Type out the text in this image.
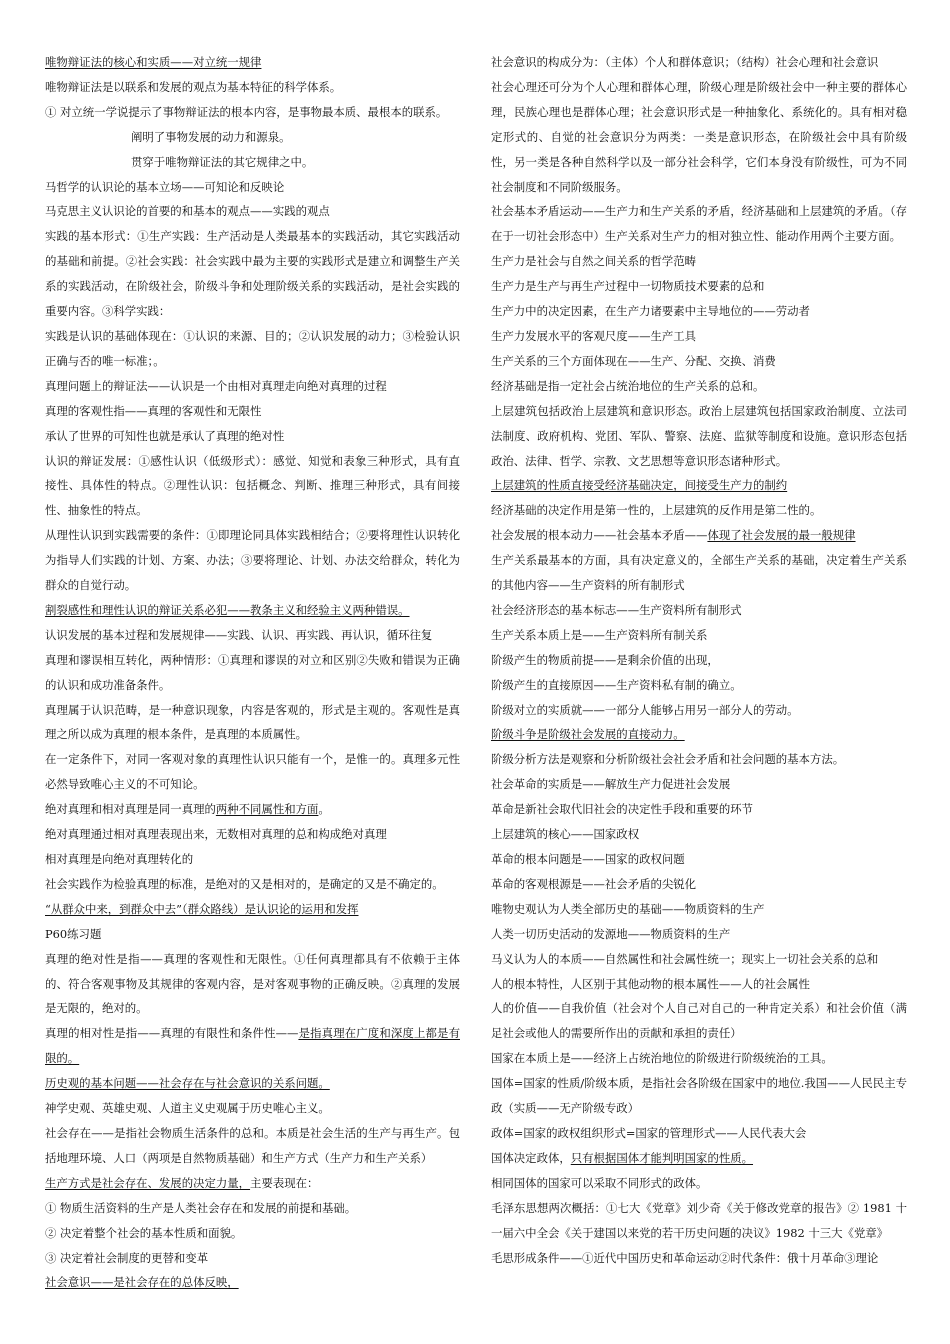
唯物辩证法的核心和实质——对立统一规律

唯物辩证法是以联系和发展的观点为基本特征的科学体系。

① 对立统一学说提示了事物辩证法的根本内容，是事物最本质、最根本的联系。

阐明了事物发展的动力和源泉。

贯穿于唯物辩证法的其它规律之中。

马哲学的认识论的基本立场——可知论和反映论

马克思主义认识论的首要的和基本的观点——实践的观点

实践的基本形式：①生产实践：生产活动是人类最基本的实践活动，其它实践活动的基础和前提。②社会实践：社会实践中最为主要的实践形式是建立和调整生产关系的实践活动，在阶级社会，阶级斗争和处理阶级关系的实践活动，是社会实践的重要内容。③科学实践：

实践是认识的基础体现在：①认识的来源、目的；②认识发展的动力；③检验认识正确与否的唯一标准；。

真理问题上的辩证法——认识是一个由相对真理走向绝对真理的过程

真理的客观性指——真理的客观性和无限性

承认了世界的可知性也就是承认了真理的绝对性

认识的辩证发展：①感性认识（低级形式）：感觉、知觉和表象三种形式，具有直接性、具体性的特点。②理性认识：包括概念、判断、推理三种形式，具有间接性、抽象性的特点。

从理性认识到实践需要的条件：①即理论同具体实践相结合；②要将理性认识转化为指导人们实践的计划、方案、办法；③要将理论、计划、办法交给群众，转化为群众的自觉行动。

割裂感性和理性认识的辩证关系必犯——教条主义和经验主义两种错误。

认识发展的基本过程和发展规律——实践、认识、再实践、再认识，循环往复

真理和谬误相互转化，两种情形：①真理和谬误的对立和区别②失败和错误为正确的认识和成功准备条件。

真理属于认识范畴，是一种意识现象，内容是客观的，形式是主观的。客观性是真理之所以成为真理的根本条件，是真理的本质属性。

在一定条件下，对同一客观对象的真理性认识只能有一个，是惟一的。真理多元性必然导致唯心主义的不可知论。

绝对真理和相对真理是同一真理的两种不同属性和方面。

绝对真理通过相对真理表现出来，无数相对真理的总和构成绝对真理

相对真理是向绝对真理转化的

社会实践作为检验真理的标准，是绝对的又是相对的，是确定的又是不确定的。

“从群众中来，到群众中去”（群众路线）是认识论的运用和发挥

P60练习题

真理的绝对性是指——真理的客观性和无限性。①任何真理都具有不依赖于主体的、符合客观事物及其规律的客观内容，是对客观事物的正确反映。②真理的发展是无限的，绝对的。

真理的相对性是指——真理的有限性和条件性——是指真理在广度和深度上都是有限的。

历史观的基本问题——社会存在与社会意识的关系问题。

神学史观、英雄史观、人道主义史观属于历史唯心主义。

社会存在——是指社会物质生活条件的总和。本质是社会生活的生产与再生产。包括地理环境、人口（两项是自然物质基础）和生产方式（生产力和生产关系）

生产方式是社会存在、发展的决定力量，主要表现在：

① 物质生活资料的生产是人类社会存在和发展的前提和基础。

② 决定着整个社会的基本性质和面貌。

③ 决定着社会制度的更替和变革

社会意识——是社会存在的总体反映，

社会意识的构成分为：（主体）个人和群体意识；（结构）社会心理和社会意识

社会心理还可分为个人心理和群体心理，阶级心理是阶级社会中一种主要的群体心理，民族心理也是群体心理；社会意识形式是一种抽象化、系统化的。具有相对稳定形式的、自觉的社会意识分为两类：一类是意识形态，在阶级社会中具有阶级性，另一类是各种自然科学以及一部分社会科学，它们本身没有阶级性，可为不同社会制度和不同阶级服务。

社会基本矛盾运动——生产力和生产关系的矛盾，经济基础和上层建筑的矛盾。（存在于一切社会形态中）生产关系对生产力的相对独立性、能动作用两个主要方面。

生产力是社会与自然之间关系的哲学范畴

生产力是生产与再生产过程中一切物质技术要素的总和

生产力中的决定因素，在生产力诸要素中主导地位的——劳动者

生产力发展水平的客观尺度——生产工具

生产关系的三个方面体现在——生产、分配、交换、消费

经济基础是指一定社会占统治地位的生产关系的总和。

上层建筑包括政治上层建筑和意识形态。政治上层建筑包括国家政治制度、立法司法制度、政府机构、党团、军队、警察、法庭、监狱等制度和设施。意识形态包括政治、法律、哲学、宗教、文艺思想等意识形态诸种形式。

上层建筑的性质直接受经济基础决定，间接受生产力的制约

经济基础的决定作用是第一性的，上层建筑的反作用是第二性的。

社会发展的根本动力——社会基本矛盾——体现了社会发展的最一般规律

生产关系最基本的方面，具有决定意义的，全部生产关系的基础，决定着生产关系的其他内容——生产资料的所有制形式

社会经济形态的基本标志——生产资料所有制形式

生产关系本质上是——生产资料所有制关系

阶级产生的物质前提——是剩余价值的出现，

阶级产生的直接原因——生产资料私有制的确立。

阶级对立的实质就——一部分人能够占用另一部分人的劳动。

阶级斗争是阶级社会发展的直接动力。

阶级分析方法是观察和分析阶级社会社会矛盾和社会问题的基本方法。

社会革命的实质是——解放生产力促进社会发展

革命是新社会取代旧社会的决定性手段和重要的环节

上层建筑的核心——国家政权

革命的根本问题是——国家的政权问题

革命的客观根源是——社会矛盾的尖锐化

唯物史观认为人类全部历史的基础——物质资料的生产

人类一切历史活动的发源地——物质资料的生产

马义认为人的本质——自然属性和社会属性统一；现实上一切社会关系的总和

人的根本特性，人区别于其他动物的根本属性——人的社会属性

人的价值——自我价值（社会对个人自己对自己的一种肯定关系）和社会价值（满足社会或他人的需要所作出的贡献和承担的责任）

国家在本质上是——经济上占统治地位的阶级进行阶级统治的工具。

国体=国家的性质/阶级本质，是指社会各阶级在国家中的地位.我国——人民民主专政（实质——无产阶级专政）

政体=国家的政权组织形式=国家的管理形式——人民代表大会

国体决定政体，只有根据国体才能判明国家的性质。

相同国体的国家可以采取不同形式的政体。

毛泽东思想两次概括：①七大《党章》刘少奇《关于修改党章的报告》② 1981 十一届六中全会《关于建国以来党的若干历史问题的决议》1982 十三大《党章》

毛思形成条件——①近代中国历史和革命运动②时代条件：俄十月革命③理论
